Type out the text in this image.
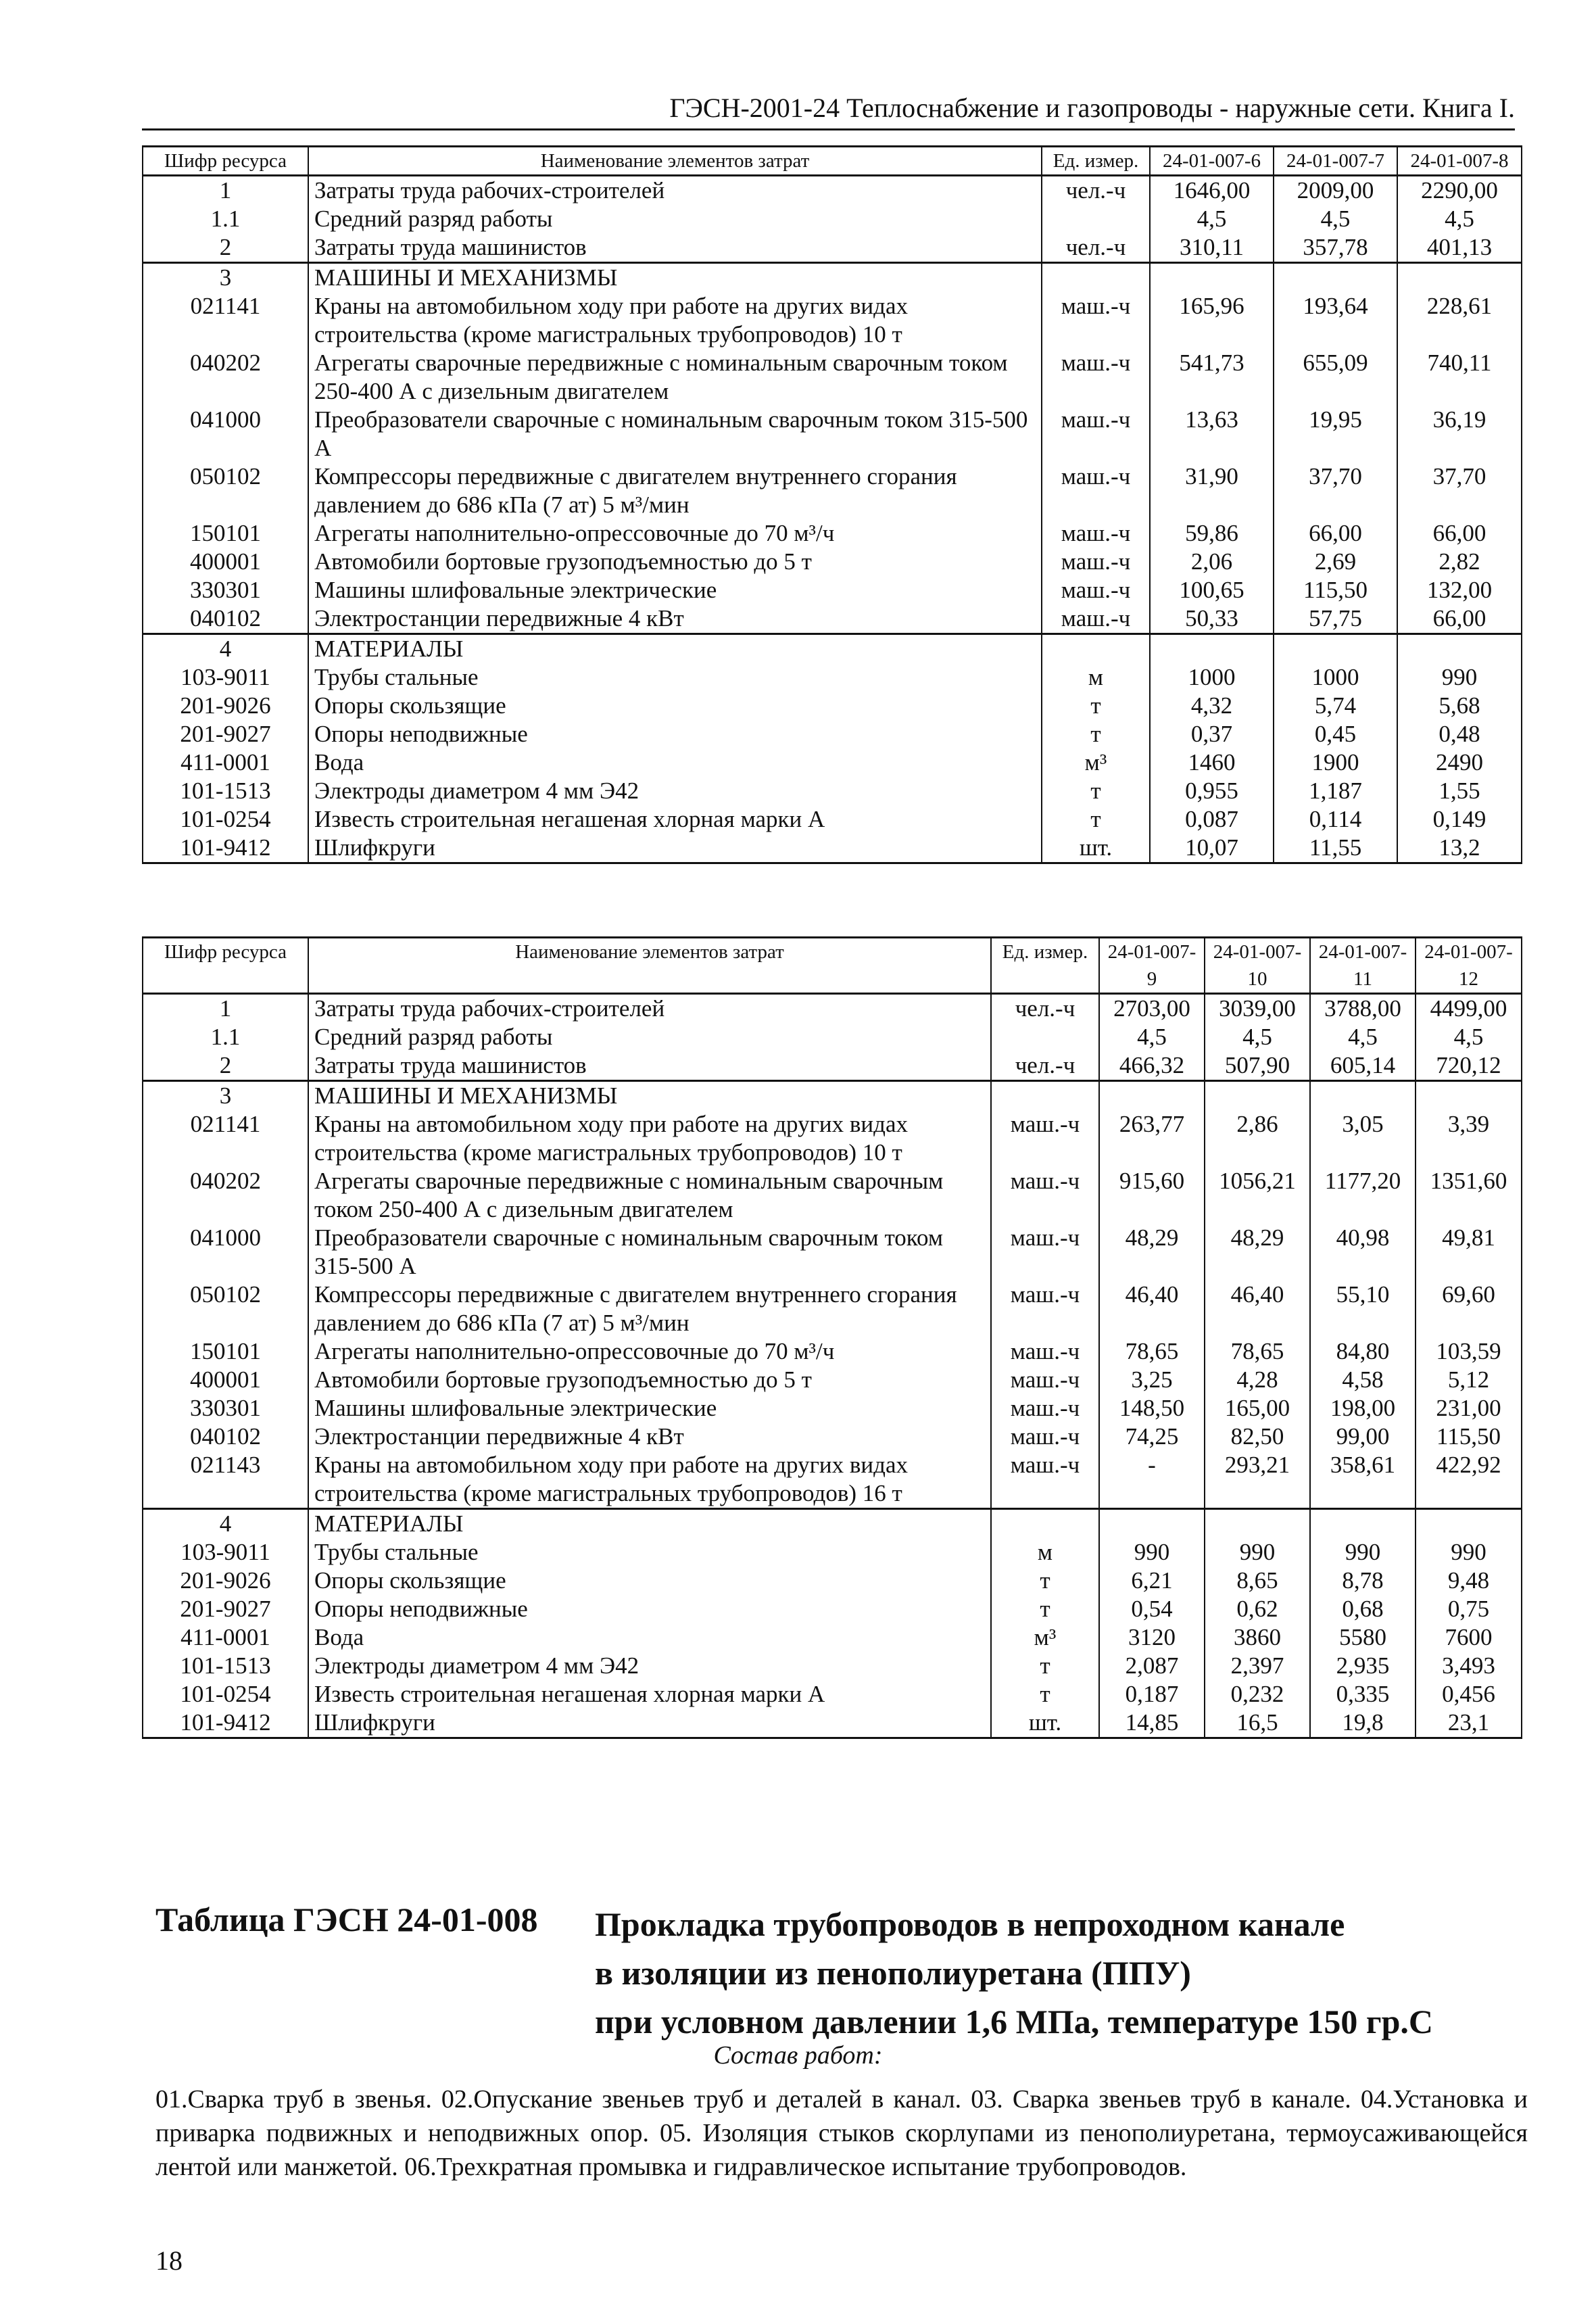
ГЭСН-2001-24 Теплоснабжение и газопроводы - наружные сети. Книга I.
Шифр ресурса	Наименование элементов затрат	Ед. измер.	24-01-007-6	24-01-007-7	24-01-007-8
1	Затраты труда рабочих-строителей	чел.-ч	1646,00	2009,00	2290,00
1.1	Средний разряд работы		4,5	4,5	4,5
2	Затраты труда машинистов	чел.-ч	310,11	357,78	401,13
3	МАШИНЫ И МЕХАНИЗМЫ				
021141	Краны на автомобильном ходу при работе на других видах строительства (кроме магистральных трубопроводов) 10 т	маш.-ч	165,96	193,64	228,61
040202	Агрегаты сварочные передвижные с номинальным сварочным током 250-400 А с дизельным двигателем	маш.-ч	541,73	655,09	740,11
041000	Преобразователи сварочные с номинальным сварочным током 315-500 А	маш.-ч	13,63	19,95	36,19
050102	Компрессоры передвижные с двигателем внутреннего сгорания давлением до 686 кПа (7 ат) 5 м³/мин	маш.-ч	31,90	37,70	37,70
150101	Агрегаты наполнительно-опрессовочные до 70 м³/ч	маш.-ч	59,86	66,00	66,00
400001	Автомобили бортовые грузоподъемностью до 5 т	маш.-ч	2,06	2,69	2,82
330301	Машины шлифовальные электрические	маш.-ч	100,65	115,50	132,00
040102	Электростанции передвижные 4 кВт	маш.-ч	50,33	57,75	66,00
4	МАТЕРИАЛЫ				
103-9011	Трубы стальные	м	1000	1000	990
201-9026	Опоры скользящие	т	4,32	5,74	5,68
201-9027	Опоры неподвижные	т	0,37	0,45	0,48
411-0001	Вода	м³	1460	1900	2490
101-1513	Электроды диаметром 4 мм Э42	т	0,955	1,187	1,55
101-0254	Известь строительная негашеная хлорная марки А	т	0,087	0,114	0,149
101-9412	Шлифкруги	шт.	10,07	11,55	13,2
Шифр ресурса	Наименование элементов затрат	Ед. измер.	24-01-007-9	24-01-007-10	24-01-007-11	24-01-007-12
1	Затраты труда рабочих-строителей	чел.-ч	2703,00	3039,00	3788,00	4499,00
1.1	Средний разряд работы		4,5	4,5	4,5	4,5
2	Затраты труда машинистов	чел.-ч	466,32	507,90	605,14	720,12
3	МАШИНЫ И МЕХАНИЗМЫ					
021141	Краны на автомобильном ходу при работе на других видах строительства (кроме магистральных трубопроводов) 10 т	маш.-ч	263,77	2,86	3,05	3,39
040202	Агрегаты сварочные передвижные с номинальным сварочным током 250-400 А с дизельным двигателем	маш.-ч	915,60	1056,21	1177,20	1351,60
041000	Преобразователи сварочные с номинальным сварочным током 315-500 А	маш.-ч	48,29	48,29	40,98	49,81
050102	Компрессоры передвижные с двигателем внутреннего сгорания давлением до 686 кПа (7 ат) 5 м³/мин	маш.-ч	46,40	46,40	55,10	69,60
150101	Агрегаты наполнительно-опрессовочные до 70 м³/ч	маш.-ч	78,65	78,65	84,80	103,59
400001	Автомобили бортовые грузоподъемностью до 5 т	маш.-ч	3,25	4,28	4,58	5,12
330301	Машины шлифовальные электрические	маш.-ч	148,50	165,00	198,00	231,00
040102	Электростанции передвижные 4 кВт	маш.-ч	74,25	82,50	99,00	115,50
021143	Краны на автомобильном ходу при работе на других видах строительства (кроме магистральных трубопроводов) 16 т	маш.-ч	-	293,21	358,61	422,92
4	МАТЕРИАЛЫ					
103-9011	Трубы стальные	м	990	990	990	990
201-9026	Опоры скользящие	т	6,21	8,65	8,78	9,48
201-9027	Опоры неподвижные	т	0,54	0,62	0,68	0,75
411-0001	Вода	м³	3120	3860	5580	7600
101-1513	Электроды диаметром 4 мм Э42	т	2,087	2,397	2,935	3,493
101-0254	Известь строительная негашеная хлорная марки А	т	0,187	0,232	0,335	0,456
101-9412	Шлифкруги	шт.	14,85	16,5	19,8	23,1
Таблица ГЭСН 24-01-008 Прокладка трубопроводов в непроходном канале
в изоляции из пенополиуретана (ППУ)
при условном давлении 1,6 МПа, температуре 150 гр.С
Состав работ:
01.Сварка труб в звенья. 02.Опускание звеньев труб и деталей в канал. 03. Сварка звеньев труб в канале. 04.Установка и приварка подвижных и неподвижных опор. 05. Изоляция стыков скорлупами из пенополиуретана, термоусаживающейся лентой или манжетой. 06.Трехкратная промывка и гидравлическое испытание трубопроводов.
18
